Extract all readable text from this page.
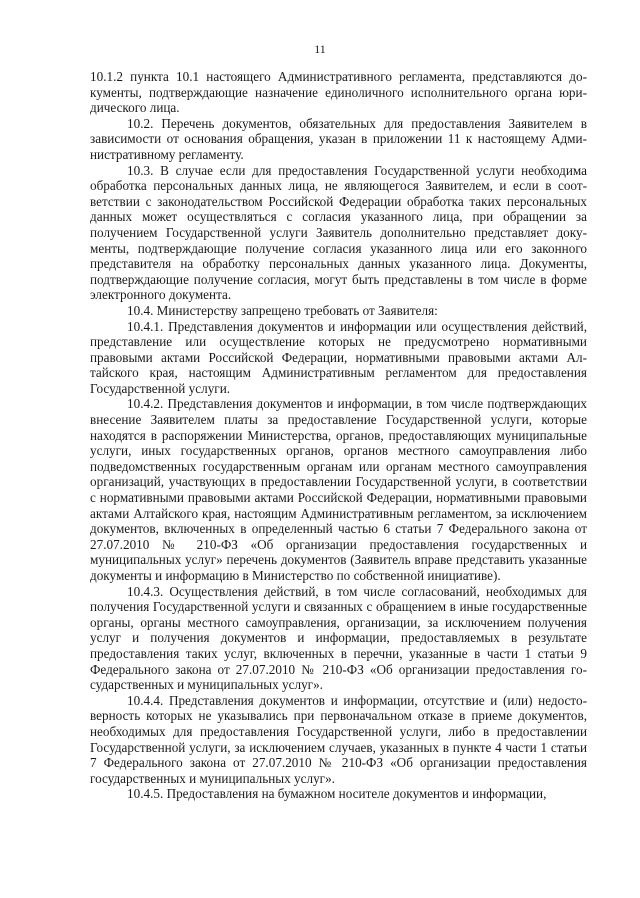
11

10.1.2 пункта 10.1 настоящего Административного регламента, представляются документы, подтверждающие назначение единоличного исполнительного органа юридического лица.

10.2. Перечень документов, обязательных для предоставления Заявителем в зависимости от основания обращения, указан в приложении 11 к настоящему Административному регламенту.

10.3. В случае если для предоставления Государственной услуги необходима обработка персональных данных лица, не являющегося Заявителем, и если в соответствии с законодательством Российской Федерации обработка таких персональных данных может осуществляться с согласия указанного лица, при обращении за получением Государственной услуги Заявитель дополнительно представляет документы, подтверждающие получение согласия указанного лица или его законного представителя на обработку персональных данных указанного лица. Документы, подтверждающие получение согласия, могут быть представлены в том числе в форме электронного документа.

10.4. Министерству запрещено требовать от Заявителя:

10.4.1. Представления документов и информации или осуществления действий, представление или осуществление которых не предусмотрено нормативными правовыми актами Российской Федерации, нормативными правовыми актами Алтайского края, настоящим Административным регламентом для предоставления Государственной услуги.

10.4.2. Представления документов и информации, в том числе подтверждающих внесение Заявителем платы за предоставление Государственной услуги, которые находятся в распоряжении Министерства, органов, предоставляющих муниципальные услуги, иных государственных органов, органов местного самоуправления либо подведомственных государственным органам или органам местного самоуправления организаций, участвующих в предоставлении Государственной услуги, в соответствии с нормативными правовыми актами Российской Федерации, нормативными правовыми актами Алтайского края, настоящим Административным регламентом, за исключением документов, включенных в определенный частью 6 статьи 7 Федерального закона от 27.07.2010 № 210-ФЗ «Об организации предоставления государственных и муниципальных услуг» перечень документов (Заявитель вправе представить указанные документы и информацию в Министерство по собственной инициативе).

10.4.3. Осуществления действий, в том числе согласований, необходимых для получения Государственной услуги и связанных с обращением в иные государственные органы, органы местного самоуправления, организации, за исключением получения услуг и получения документов и информации, предоставляемых в результате предоставления таких услуг, включенных в перечни, указанные в части 1 статьи 9 Федерального закона от 27.07.2010 № 210-ФЗ «Об организации предоставления государственных и муниципальных услуг».

10.4.4. Представления документов и информации, отсутствие и (или) недостоверность которых не указывались при первоначальном отказе в приеме документов, необходимых для предоставления Государственной услуги, либо в предоставлении Государственной услуги, за исключением случаев, указанных в пункте 4 части 1 статьи 7 Федерального закона от 27.07.2010 № 210-ФЗ «Об организации предоставления государственных и муниципальных услуг».

10.4.5. Предоставления на бумажном носителе документов и информации,
